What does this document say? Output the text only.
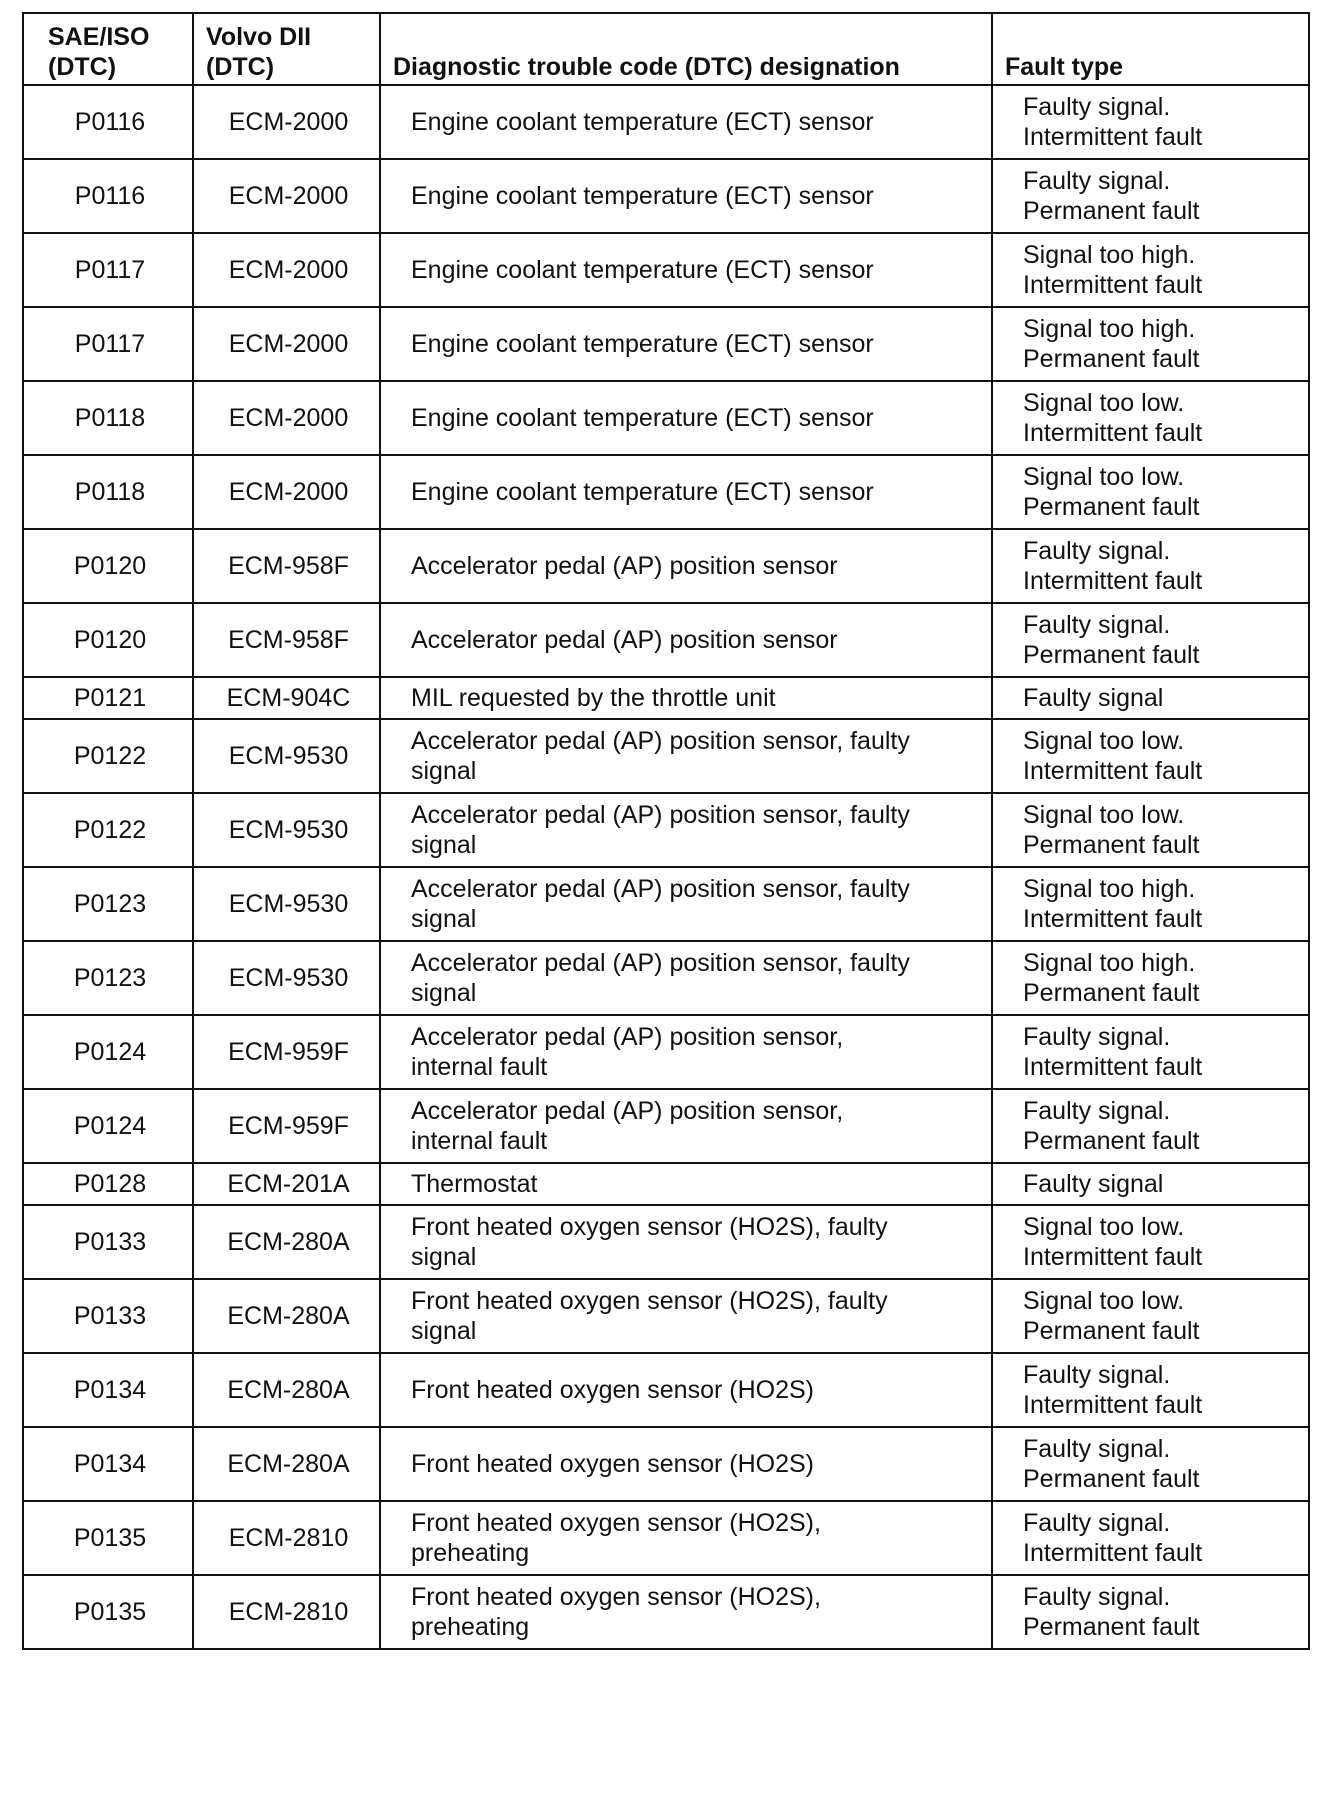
SAE/ISO
(DTC)	Volvo DII
(DTC)	Diagnostic trouble code (DTC) designation	Fault type

P0116	ECM-2000	Engine coolant temperature (ECT) sensor	Faulty signal.
Intermittent fault

P0116	ECM-2000	Engine coolant temperature (ECT) sensor	Faulty signal.
Permanent fault

P0117	ECM-2000	Engine coolant temperature (ECT) sensor	Signal too high.
Intermittent fault

P0117	ECM-2000	Engine coolant temperature (ECT) sensor	Signal too high.
Permanent fault

P0118	ECM-2000	Engine coolant temperature (ECT) sensor	Signal too low.
Intermittent fault

P0118	ECM-2000	Engine coolant temperature (ECT) sensor	Signal too low.
Permanent fault

P0120	ECM-958F	Accelerator pedal (AP) position sensor	Faulty signal.
Intermittent fault

P0120	ECM-958F	Accelerator pedal (AP) position sensor	Faulty signal.
Permanent fault

P0121	ECM-904C	MIL requested by the throttle unit	Faulty signal

P0122	ECM-9530	Accelerator pedal (AP) position sensor, faulty
signal	Signal too low.
Intermittent fault

P0122	ECM-9530	Accelerator pedal (AP) position sensor, faulty
signal	Signal too low.
Permanent fault

P0123	ECM-9530	Accelerator pedal (AP) position sensor, faulty
signal	Signal too high.
Intermittent fault

P0123	ECM-9530	Accelerator pedal (AP) position sensor, faulty
signal	Signal too high.
Permanent fault

P0124	ECM-959F	Accelerator pedal (AP) position sensor,
internal fault	Faulty signal.
Intermittent fault

P0124	ECM-959F	Accelerator pedal (AP) position sensor,
internal fault	Faulty signal.
Permanent fault

P0128	ECM-201A	Thermostat	Faulty signal

P0133	ECM-280A	Front heated oxygen sensor (HO2S), faulty
signal	Signal too low.
Intermittent fault

P0133	ECM-280A	Front heated oxygen sensor (HO2S), faulty
signal	Signal too low.
Permanent fault

P0134	ECM-280A	Front heated oxygen sensor (HO2S)	Faulty signal.
Intermittent fault

P0134	ECM-280A	Front heated oxygen sensor (HO2S)	Faulty signal.
Permanent fault

P0135	ECM-2810	Front heated oxygen sensor (HO2S),
preheating	Faulty signal.
Intermittent fault

P0135	ECM-2810	Front heated oxygen sensor (HO2S),
preheating	Faulty signal.
Permanent fault
